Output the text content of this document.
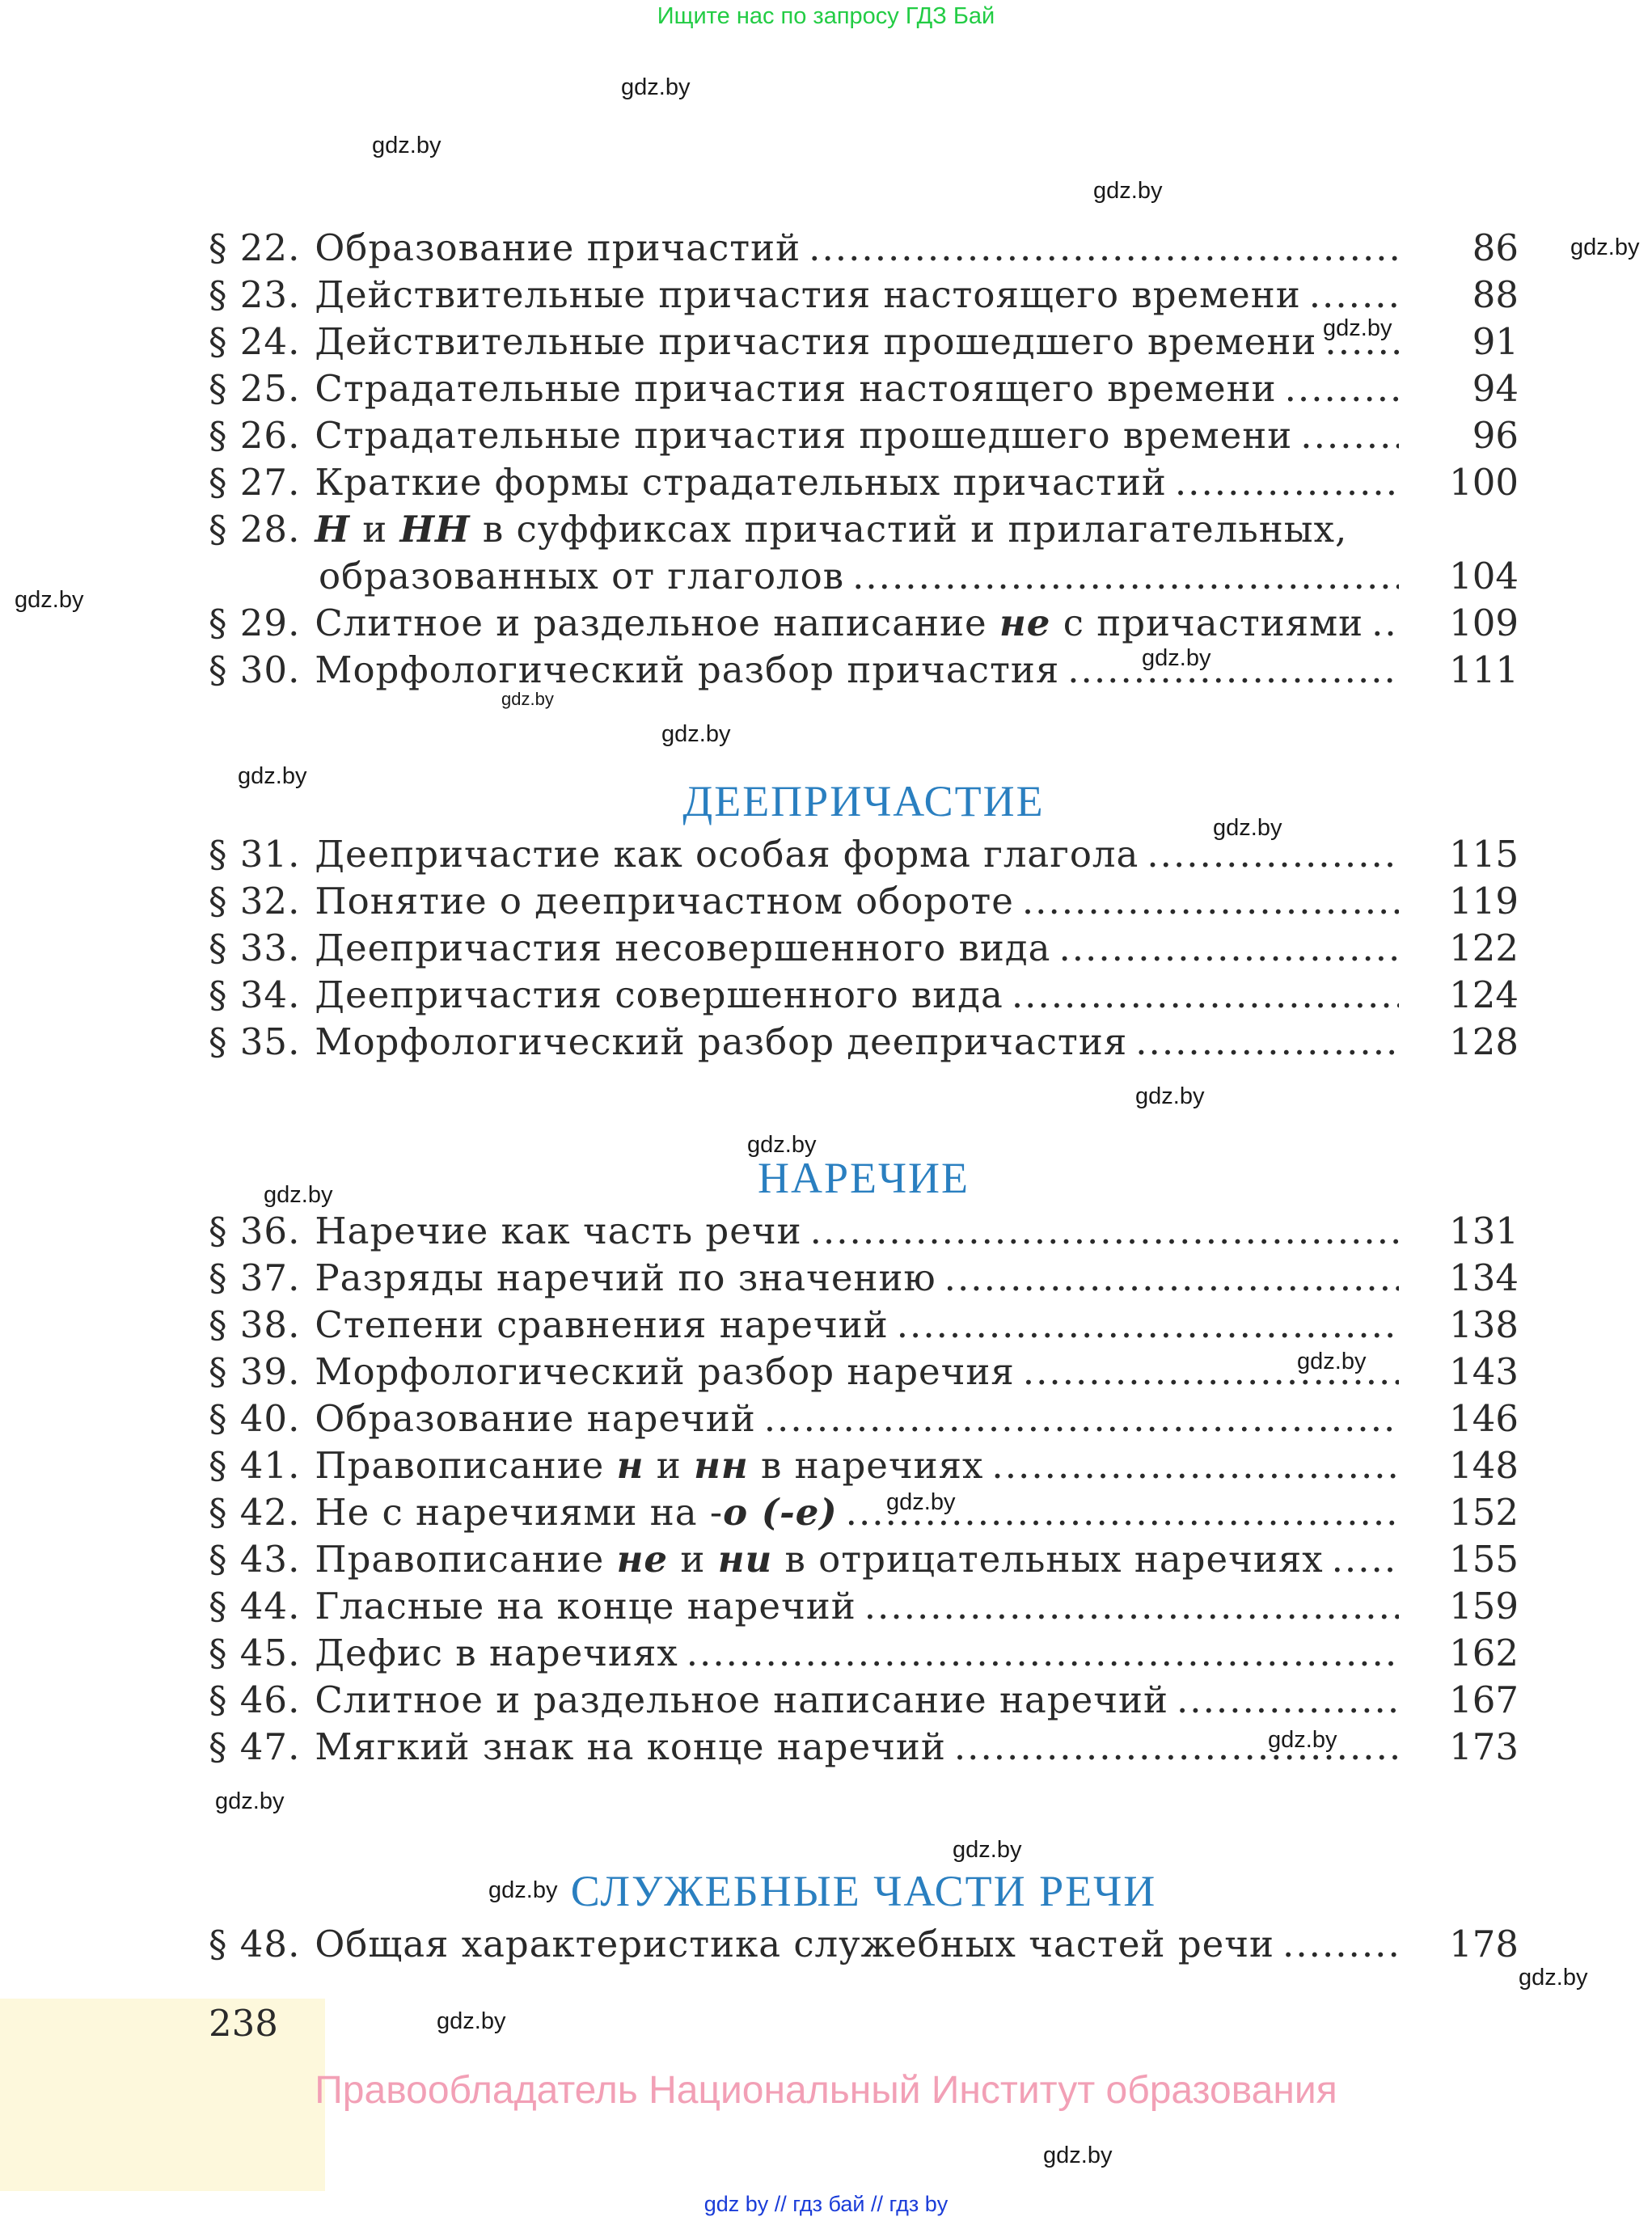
Ищите нас по запросу ГДЗ Бай
gdz.by
gdz.by
gdz.by
gdz.by
gdz.by
gdz.by
gdz.by
gdz.by
gdz.by
gdz.by
gdz.by
gdz.by
gdz.by
gdz.by
gdz.by
gdz.by
gdz.by
gdz.by
gdz.by
gdz.by
gdz.by
gdz.by
gdz.by
§ 22. Образование причастий .....	86
§ 23. Действительные причастия настоящего времени .....	88
§ 24. Действительные причастия прошедшего времени .....	91
§ 25. Страдательные причастия настоящего времени .....	94
§ 26. Страдательные причастия прошедшего времени .....	96
§ 27. Краткие формы страдательных причастий .....	100
§ 28. Н и НН в суффиксах причастий и прилагательных,
образованных от глаголов .....	104
§ 29. Слитное и раздельное написание не с причастиями .....	109
§ 30. Морфологический разбор причастия .....	111
ДЕЕПРИЧАСТИЕ
§ 31. Деепричастие как особая форма глагола .....	115
§ 32. Понятие о деепричастном обороте .....	119
§ 33. Деепричастия несовершенного вида .....	122
§ 34. Деепричастия совершенного вида .....	124
§ 35. Морфологический разбор деепричастия .....	128
НАРЕЧИЕ
§ 36. Наречие как часть речи .....	131
§ 37. Разряды наречий по значению .....	134
§ 38. Степени сравнения наречий .....	138
§ 39. Морфологический разбор наречия .....	143
§ 40. Образование наречий .....	146
§ 41. Правописание н и нн в наречиях .....	148
§ 42. Не с наречиями на -о (-е) .....	152
§ 43. Правописание не и ни в отрицательных наречиях .....	155
§ 44. Гласные на конце наречий .....	159
§ 45. Дефис в наречиях .....	162
§ 46. Слитное и раздельное написание наречий .....	167
§ 47. Мягкий знак на конце наречий .....	173
СЛУЖЕБНЫЕ ЧАСТИ РЕЧИ
§ 48. Общая характеристика служебных частей речи .....	178
238
Правообладатель Национальный Институт образования
gdz by // гдз бай // гдз by
